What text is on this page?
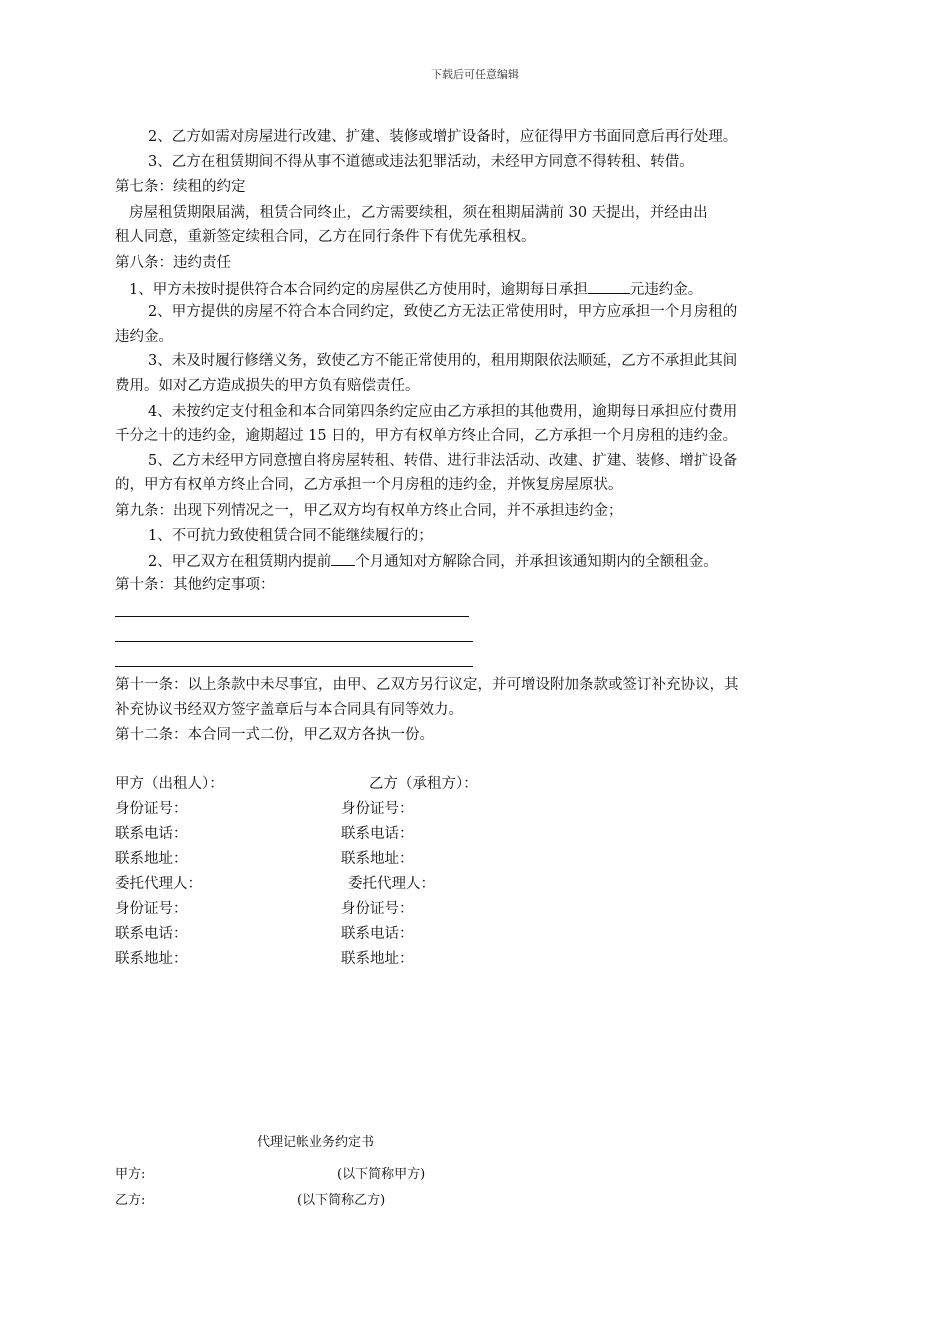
下载后可任意编辑
2、乙方如需对房屋进行改建、扩建、装修或增扩设备时，应征得甲方书面同意后再行处理。
3、乙方在租赁期间不得从事不道德或违法犯罪活动，未经甲方同意不得转租、转借。
第七条：续租的约定
房屋租赁期限届满，租赁合同终止，乙方需要续租，须在租期届满前 30 天提出，并经由出
租人同意，重新签定续租合同，乙方在同行条件下有优先承租权。
第八条：违约责任
1、甲方未按时提供符合本合同约定的房屋供乙方使用时，逾期每日承担	元违约金。
2、甲方提供的房屋不符合本合同约定，致使乙方无法正常使用时，甲方应承担一个月房租的
违约金。
3、未及时履行修缮义务，致使乙方不能正常使用的，租用期限依法顺延，乙方不承担此其间
费用。如对乙方造成损失的甲方负有赔偿责任。
4、未按约定支付租金和本合同第四条约定应由乙方承担的其他费用，逾期每日承担应付费用
千分之十的违约金，逾期超过 15 日的，甲方有权单方终止合同，乙方承担一个月房租的违约金。
5、乙方未经甲方同意擅自将房屋转租、转借、进行非法活动、改建、扩建、装修、增扩设备
的，甲方有权单方终止合同，乙方承担一个月房租的违约金，并恢复房屋原状。
第九条：出现下列情况之一，甲乙双方均有权单方终止合同，并不承担违约金；
1、不可抗力致使租赁合同不能继续履行的；
2、甲乙双方在租赁期内提前 个月通知对方解除合同，并承担该通知期内的全额租金。
第十条：其他约定事项：
第十一条：以上条款中未尽事宜，由甲、乙双方另行议定，并可增设附加条款或签订补充协议，其
补充协议书经双方签字盖章后与本合同具有同等效力。
第十二条：本合同一式二份，甲乙双方各执一份。
甲方（出租人）：	乙方（承租方）：
身份证号：	身份证号：
联系电话：	联系电话：
联系地址：	联系地址：
委托代理人：	委托代理人：
身份证号：	身份证号：
联系电话：	联系电话：
联系地址：	联系地址：
代理记帐业务约定书
甲方:	(以下简称甲方)
乙方:	(以下简称乙方)
